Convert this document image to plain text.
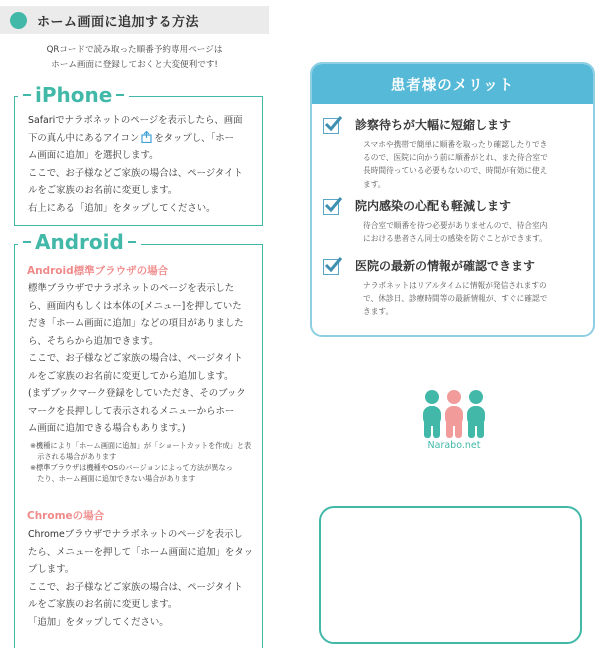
ホーム画面に追加する方法
QRコードで読み取った順番予約専用ページは
ホーム画面に登録しておくと大変便利です!
iPhone
Safariでナラボネットのページを表示したら、画面
下の真ん中にあるアイコン をタップし、「ホー
ム画面に追加」を選択します。
ここで、お子様などご家族の場合は、ページタイト
ルをご家族のお名前に変更します。
右上にある「追加」をタップしてください。
Android
Android標準ブラウザの場合
標準ブラウザでナラボネットのページを表示した
ら、画面内もしくは本体の[メニュー]を押していた
だき「ホーム画面に追加」などの項目がありました
ら、そちらから追加できます。
ここで、お子様などご家族の場合は、ページタイト
ルをご家族のお名前に変更してから追加します。
(まずブックマーク登録をしていただき、そのブック
マークを長押しして表示されるメニューからホー
ム画面に追加できる場合もあります。)
※機種により「ホーム画面に追加」が「ショートカットを作成」と表
　示される場合があります
※標準ブラウザは機種やOSのバージョンによって方法が異なっ
　たり、ホーム画面に追加できない場合があります
Chromeの場合
Chromeブラウザでナラボネットのページを表示し
たら、メニューを押して「ホーム画面に追加」をタッ
プします。
ここで、お子様などご家族の場合は、ページタイト
ルをご家族のお名前に変更します。
「追加」をタップしてください。
患者様のメリット
診察待ちが大幅に短縮します
スマホや携帯で簡単に順番を取ったり確認したりでき
るので、医院に向かう前に順番がとれ、また待合室で
長時間待っている必要もないので、時間が有効に使え
ます。
院内感染の心配も軽減します
待合室で順番を待つ必要がありませんので、待合室内
における患者さん同士の感染を防ぐことができます。
医院の最新の情報が確認できます
ナラボネットはリアルタイムに情報が発信されますの
で、休診日、診療時間等の最新情報が、すぐに確認で
きます。
Narabo.net
